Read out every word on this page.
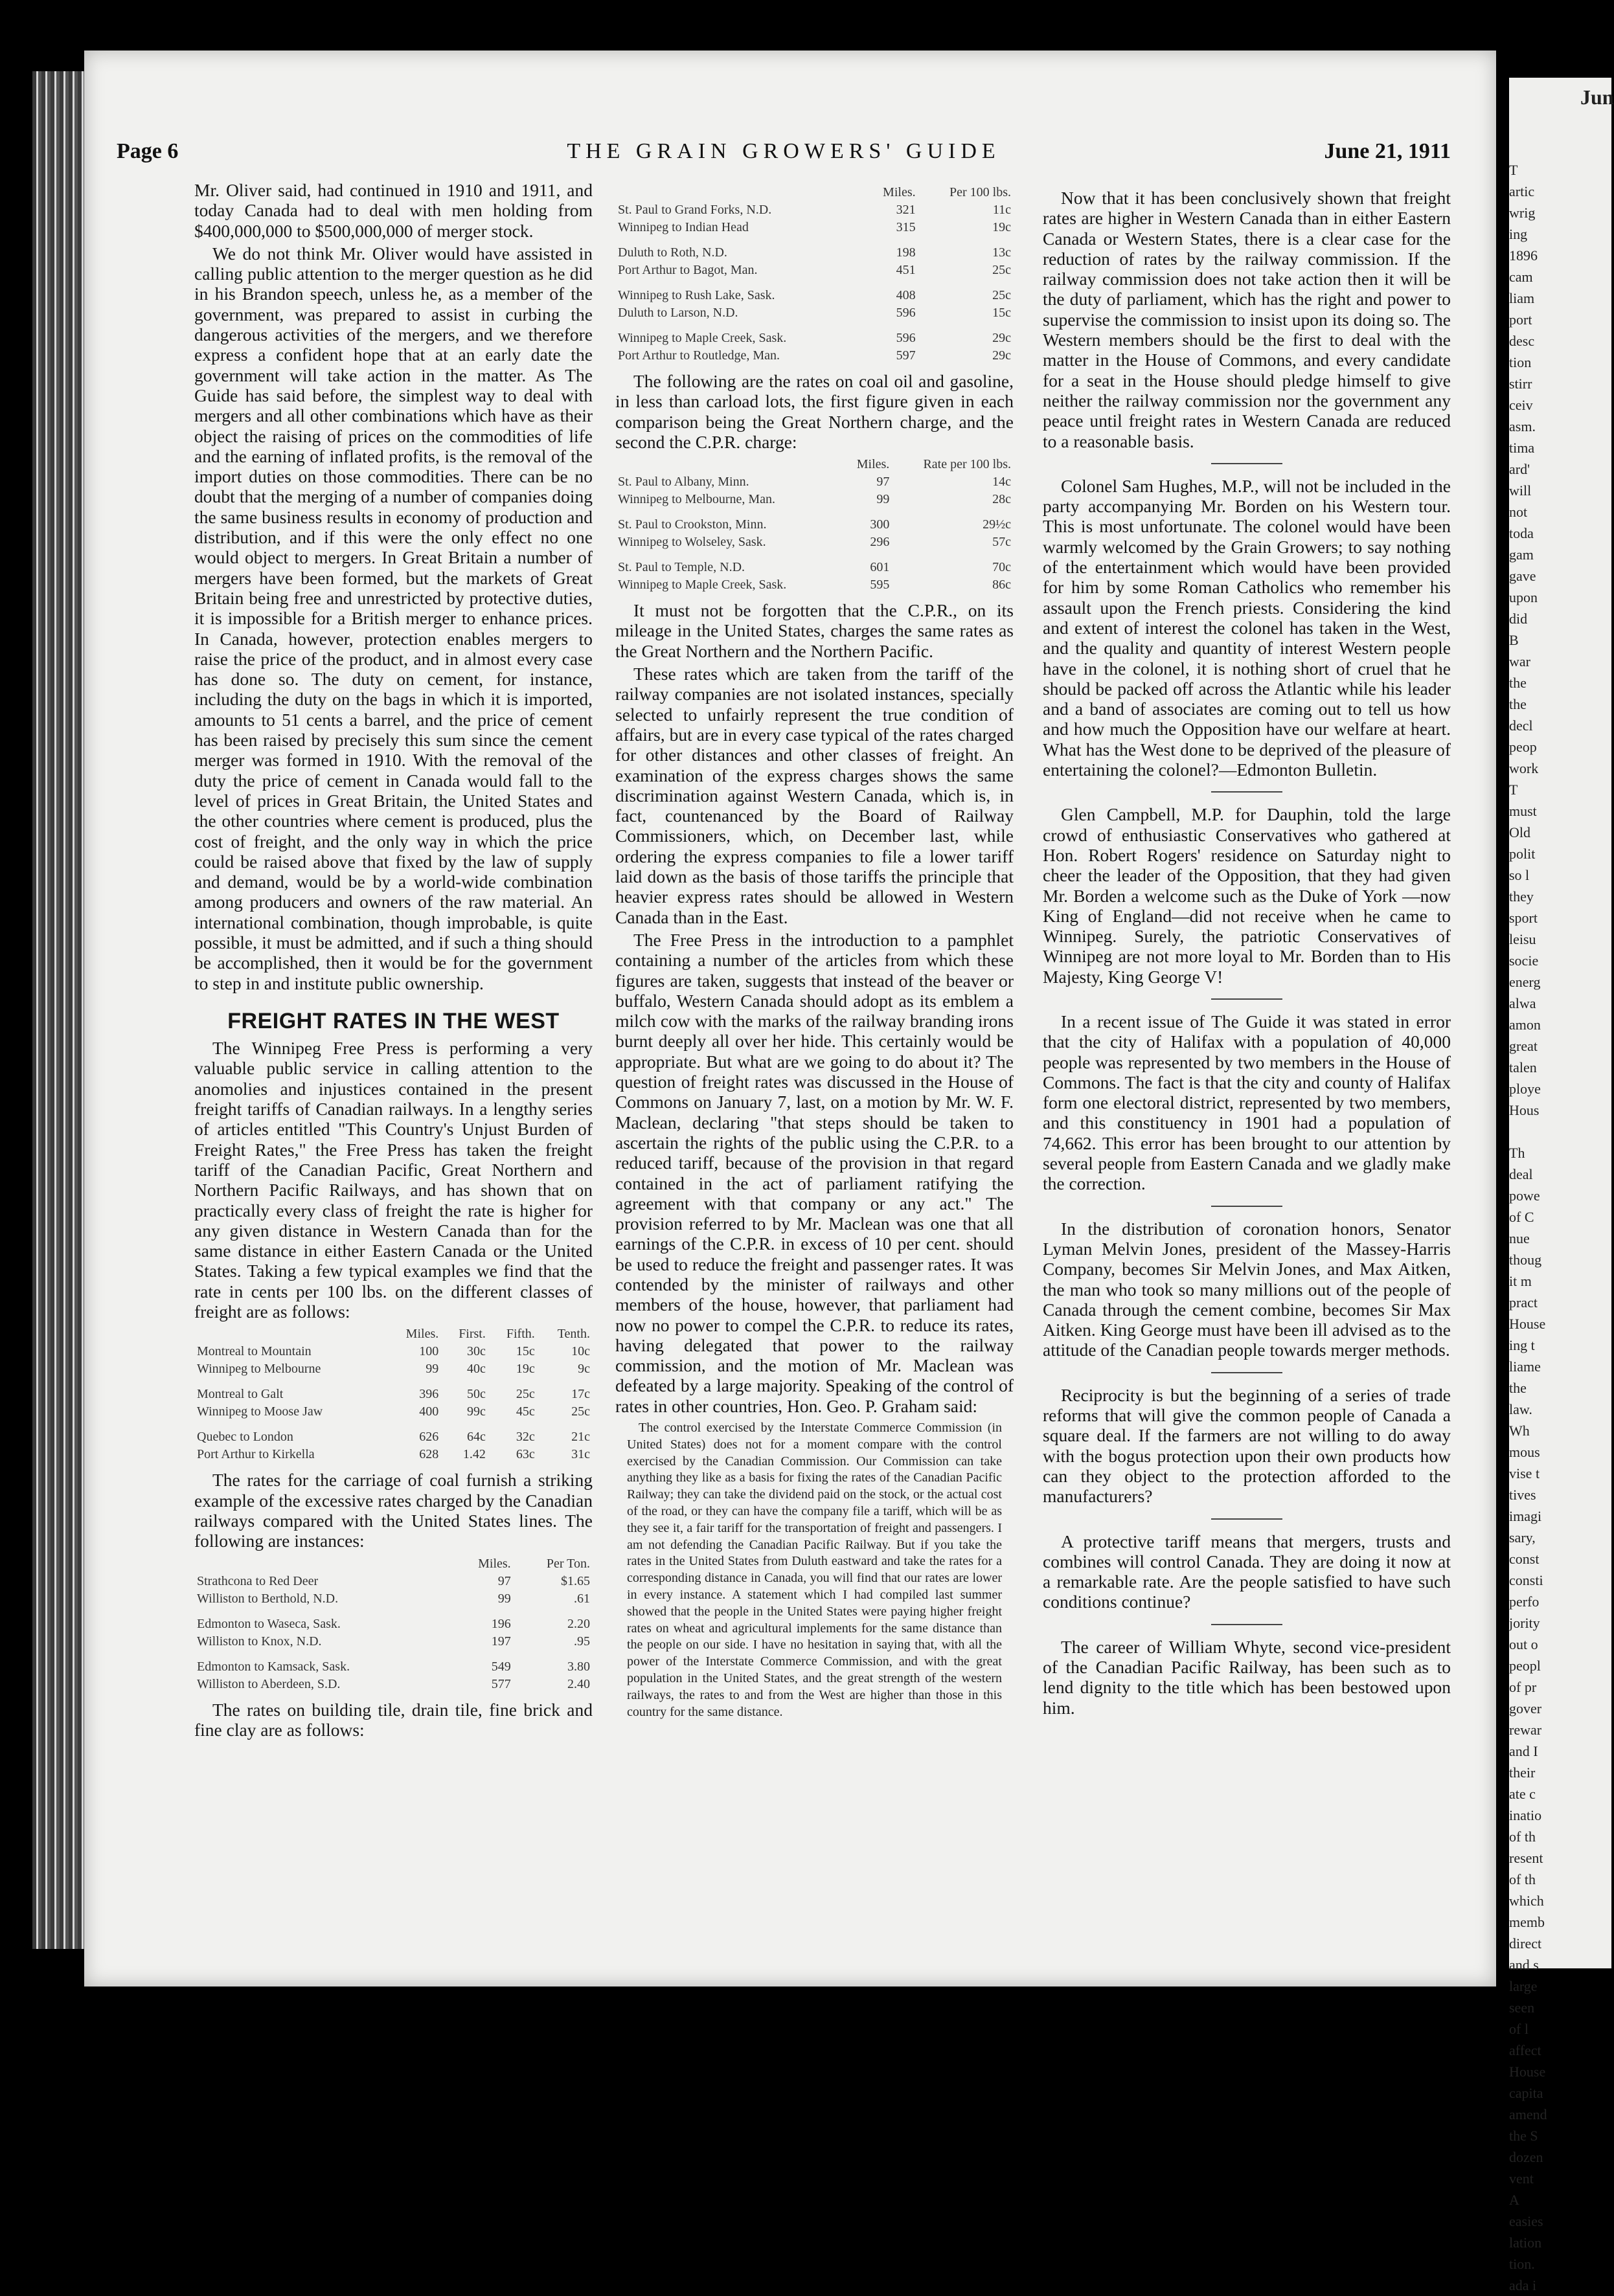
Jun

T
artic
wrig
ing
1896
cam
liam
port
desc
tion
stirr
ceiv
asm.
tima
ard'
will
not
toda
gam
gave
upon
did
B
war
the
the
decl
peop
work
T
must
Old
polit
so l
they
sport
leisu
socie
energ
alwa
amon
great
talen
ploye
Hous

Th
deal
powe
of C
nue
thoug
it m
pract
House
ing t
liame
the
law.
Wh
mous
vise t
tives
imagi
sary,
const
consti
perfo
jority
out o
peopl
of pr
gover
rewar
and I
their
ate c
inatio
of th
resent
of th
which
memb
direct
and s
large
seen
of l
affect
House
capita
amend
the S
dozen
vent
A
easies
lation
tion.
ada i
Page 6	THE GRAIN GROWERS' GUIDE	June 21, 1911

Mr. Oliver said, had continued in 1910 and 1911, and today Canada had to deal with men holding from $400,000,000 to $500,000,000 of merger stock.

We do not think Mr. Oliver would have assisted in calling public attention to the merger question as he did in his Brandon speech, unless he, as a member of the government, was prepared to assist in curbing the dangerous activities of the mergers, and we therefore express a confident hope that at an early date the government will take action in the matter. As The Guide has said before, the simplest way to deal with mergers and all other combinations which have as their object the raising of prices on the commodities of life and the earning of inflated profits, is the removal of the import duties on those commodities. There can be no doubt that the merging of a number of companies doing the same business results in economy of production and distribution, and if this were the only effect no one would object to mergers. In Great Britain a number of mergers have been formed, but the markets of Great Britain being free and unrestricted by protective duties, it is impossible for a British merger to enhance prices. In Canada, however, protection enables mergers to raise the price of the product, and in almost every case has done so. The duty on cement, for instance, including the duty on the bags in which it is imported, amounts to 51 cents a barrel, and the price of cement has been raised by precisely this sum since the cement merger was formed in 1910. With the removal of the duty the price of cement in Canada would fall to the level of prices in Great Britain, the United States and the other countries where cement is produced, plus the cost of freight, and the only way in which the price could be raised above that fixed by the law of supply and demand, would be by a world-wide combination among producers and owners of the raw material. An international combination, though improbable, is quite possible, it must be admitted, and if such a thing should be accomplished, then it would be for the government to step in and institute public ownership.

FREIGHT RATES IN THE WEST

The Winnipeg Free Press is performing a very valuable public service in calling attention to the anomolies and injustices contained in the present freight tariffs of Canadian railways. In a lengthy series of articles entitled "This Country's Unjust Burden of Freight Rates," the Free Press has taken the freight tariff of the Canadian Pacific, Great Northern and Northern Pacific Railways, and has shown that on practically every class of freight the rate is higher for any given distance in Western Canada than for the same distance in either Eastern Canada or the United States. Taking a few typical examples we find that the rate in cents per 100 lbs. on the different classes of freight are as follows:

	Miles.	First.	Fifth.	Tenth.
Montreal to Mountain	100	30c	15c	10c
Winnipeg to Melbourne	99	40c	19c	9c
Montreal to Galt	396	50c	25c	17c
Winnipeg to Moose Jaw	400	99c	45c	25c
Quebec to London	626	64c	32c	21c
Port Arthur to Kirkella	628	1.42	63c	31c

The rates for the carriage of coal furnish a striking example of the excessive rates charged by the Canadian railways compared with the United States lines. The following are instances:

	Miles.	Per Ton.
Strathcona to Red Deer	97	$1.65
Williston to Berthold, N.D.	99	.61
Edmonton to Waseca, Sask.	196	2.20
Williston to Knox, N.D.	197	.95
Edmonton to Kamsack, Sask.	549	3.80
Williston to Aberdeen, S.D.	577	2.40

The rates on building tile, drain tile, fine brick and fine clay are as follows:

	Miles.	Per 100 lbs.
St. Paul to Grand Forks, N.D.	321	11c
Winnipeg to Indian Head	315	19c
Duluth to Roth, N.D.	198	13c
Port Arthur to Bagot, Man.	451	25c
Winnipeg to Rush Lake, Sask.	408	25c
Duluth to Larson, N.D.	596	15c
Winnipeg to Maple Creek, Sask.	596	29c
Port Arthur to Routledge, Man.	597	29c

The following are the rates on coal oil and gasoline, in less than carload lots, the first figure given in each comparison being the Great Northern charge, and the second the C.P.R. charge:

	Miles.	Rate per 100 lbs.
St. Paul to Albany, Minn.	97	14c
Winnipeg to Melbourne, Man.	99	28c
St. Paul to Crookston, Minn.	300	29½c
Winnipeg to Wolseley, Sask.	296	57c
St. Paul to Temple, N.D.	601	70c
Winnipeg to Maple Creek, Sask.	595	86c

It must not be forgotten that the C.P.R., on its mileage in the United States, charges the same rates as the Great Northern and the Northern Pacific.

These rates which are taken from the tariff of the railway companies are not isolated instances, specially selected to unfairly represent the true condition of affairs, but are in every case typical of the rates charged for other distances and other classes of freight. An examination of the express charges shows the same discrimination against Western Canada, which is, in fact, countenanced by the Board of Railway Commissioners, which, on December last, while ordering the express companies to file a lower tariff laid down as the basis of those tariffs the principle that heavier express rates should be allowed in Western Canada than in the East.

The Free Press in the introduction to a pamphlet containing a number of the articles from which these figures are taken, suggests that instead of the beaver or buffalo, Western Canada should adopt as its emblem a milch cow with the marks of the railway branding irons burnt deeply all over her hide. This certainly would be appropriate. But what are we going to do about it? The question of freight rates was discussed in the House of Commons on January 7, last, on a motion by Mr. W. F. Maclean, declaring "that steps should be taken to ascertain the rights of the public using the C.P.R. to a reduced tariff, because of the provision in that regard contained in the act of parliament ratifying the agreement with that company or any act." The provision referred to by Mr. Maclean was one that all earnings of the C.P.R. in excess of 10 per cent. should be used to reduce the freight and passenger rates. It was contended by the minister of railways and other members of the house, however, that parliament had now no power to compel the C.P.R. to reduce its rates, having delegated that power to the railway commission, and the motion of Mr. Maclean was defeated by a large majority. Speaking of the control of rates in other countries, Hon. Geo. P. Graham said:

The control exercised by the Interstate Commerce Commission (in United States) does not for a moment compare with the control exercised by the Canadian Commission. Our Commission can take anything they like as a basis for fixing the rates of the Canadian Pacific Railway; they can take the dividend paid on the stock, or the actual cost of the road, or they can have the company file a tariff, which will be as they see it, a fair tariff for the transportation of freight and passengers. I am not defending the Canadian Pacific Railway. But if you take the rates in the United States from Duluth eastward and take the rates for a corresponding distance in Canada, you will find that our rates are lower in every instance. A statement which I had compiled last summer showed that the people in the United States were paying higher freight rates on wheat and agricultural implements for the same distance than the people on our side. I have no hesitation in saying that, with all the power of the Interstate Commerce Commission, and with the great population in the United States, and the great strength of the western railways, the rates to and from the West are higher than those in this country for the same distance.

Now that it has been conclusively shown that freight rates are higher in Western Canada than in either Eastern Canada or Western States, there is a clear case for the reduction of rates by the railway commission. If the railway commission does not take action then it will be the duty of parliament, which has the right and power to supervise the commission to insist upon its doing so. The Western members should be the first to deal with the matter in the House of Commons, and every candidate for a seat in the House should pledge himself to give neither the railway commission nor the government any peace until freight rates in Western Canada are reduced to a reasonable basis.

Colonel Sam Hughes, M.P., will not be included in the party accompanying Mr. Borden on his Western tour. This is most unfortunate. The colonel would have been warmly welcomed by the Grain Growers; to say nothing of the entertainment which would have been provided for him by some Roman Catholics who remember his assault upon the French priests. Considering the kind and extent of interest the colonel has taken in the West, and the quality and quantity of interest Western people have in the colonel, it is nothing short of cruel that he should be packed off across the Atlantic while his leader and a band of associates are coming out to tell us how and how much the Opposition have our welfare at heart. What has the West done to be deprived of the pleasure of entertaining the colonel?—Edmonton Bulletin.

Glen Campbell, M.P. for Dauphin, told the large crowd of enthusiastic Conservatives who gathered at Hon. Robert Rogers' residence on Saturday night to cheer the leader of the Opposition, that they had given Mr. Borden a welcome such as the Duke of York —now King of England—did not receive when he came to Winnipeg. Surely, the patriotic Conservatives of Winnipeg are not more loyal to Mr. Borden than to His Majesty, King George V!

In a recent issue of The Guide it was stated in error that the city of Halifax with a population of 40,000 people was represented by two members in the House of Commons. The fact is that the city and county of Halifax form one electoral district, represented by two members, and this constituency in 1901 had a population of 74,662. This error has been brought to our attention by several people from Eastern Canada and we gladly make the correction.

In the distribution of coronation honors, Senator Lyman Melvin Jones, president of the Massey-Harris Company, becomes Sir Melvin Jones, and Max Aitken, the man who took so many millions out of the people of Canada through the cement combine, becomes Sir Max Aitken. King George must have been ill advised as to the attitude of the Canadian people towards merger methods.

Reciprocity is but the beginning of a series of trade reforms that will give the common people of Canada a square deal. If the farmers are not willing to do away with the bogus protection upon their own products how can they object to the protection afforded to the manufacturers?

A protective tariff means that mergers, trusts and combines will control Canada. They are doing it now at a remarkable rate. Are the people satisfied to have such conditions continue?

The career of William Whyte, second vice-president of the Canadian Pacific Railway, has been such as to lend dignity to the title which has been bestowed upon him.
